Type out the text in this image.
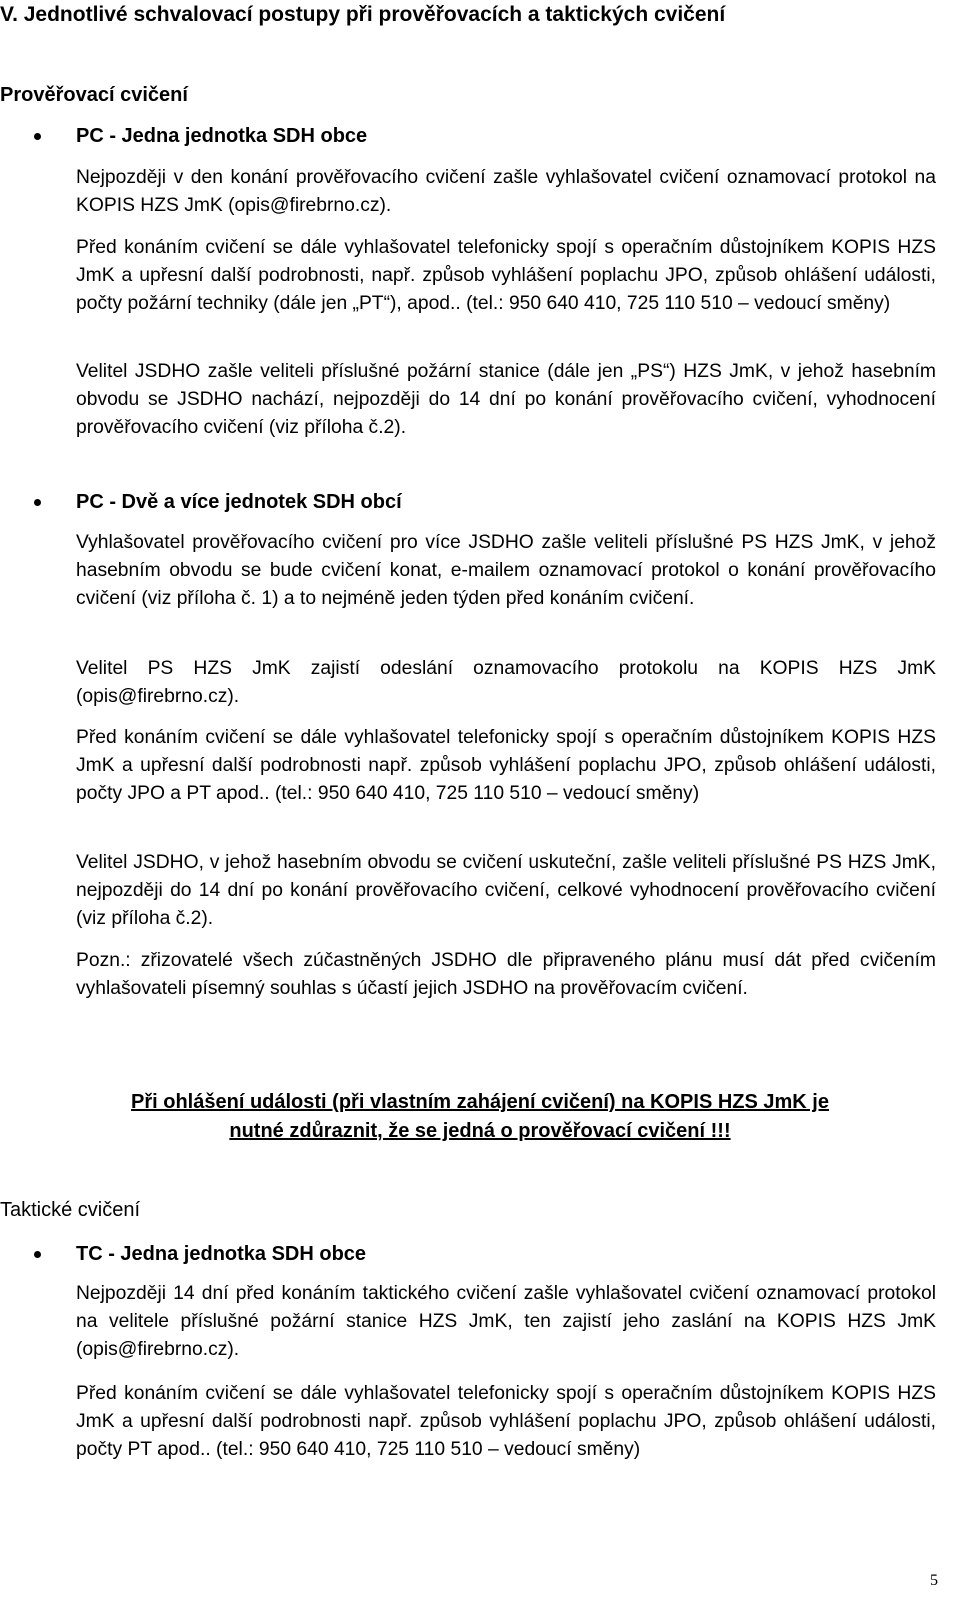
V. Jednotlivé schvalovací postupy při prověřovacích a taktických cvičení
Prověřovací cvičení
PC - Jedna jednotka SDH obce

Nejpozději v den konání prověřovacího cvičení zašle vyhlašovatel cvičení oznamovací protokol na KOPIS HZS JmK (opis@firebrno.cz).

Před konáním cvičení se dále vyhlašovatel telefonicky spojí s operačním důstojníkem KOPIS HZS JmK a upřesní další podrobnosti, např. způsob vyhlášení poplachu JPO, způsob ohlášení události, počty požární techniky (dále jen „PT“), apod.. (tel.: 950 640 410, 725 110 510 – vedoucí směny)

Velitel JSDHO zašle veliteli příslušné požární stanice (dále jen „PS“) HZS JmK, v jehož hasebním obvodu se JSDHO nachází, nejpozději do 14 dní po konání prověřovacího cvičení, vyhodnocení prověřovacího cvičení (viz příloha č.2).

PC - Dvě a více jednotek SDH obcí

Vyhlašovatel prověřovacího cvičení pro více JSDHO zašle veliteli příslušné PS HZS JmK, v jehož hasebním obvodu se bude cvičení konat, e-mailem oznamovací protokol o konání prověřovacího cvičení (viz příloha č. 1) a to nejméně jeden týden před konáním cvičení.

Velitel PS HZS JmK zajistí odeslání oznamovacího protokolu na KOPIS HZS JmK (opis@firebrno.cz).

Před konáním cvičení se dále vyhlašovatel telefonicky spojí s operačním důstojníkem KOPIS HZS JmK a upřesní další podrobnosti např. způsob vyhlášení poplachu JPO, způsob ohlášení události, počty JPO a PT apod.. (tel.: 950 640 410, 725 110 510 – vedoucí směny)

Velitel JSDHO, v jehož hasebním obvodu se cvičení uskuteční, zašle veliteli příslušné PS HZS JmK, nejpozději do 14 dní po konání prověřovacího cvičení, celkové vyhodnocení prověřovacího cvičení (viz příloha č.2).

Pozn.: zřizovatelé všech zúčastněných JSDHO dle připraveného plánu musí dát před cvičením vyhlašovateli písemný souhlas s účastí jejich JSDHO na prověřovacím cvičení.

Při ohlášení události (při vlastním zahájení cvičení) na KOPIS HZS JmK je
nutné zdůraznit, že se jedná o prověřovací cvičení !!!
Taktické cvičení
TC - Jedna jednotka SDH obce

Nejpozději 14 dní před konáním taktického cvičení zašle vyhlašovatel cvičení oznamovací protokol na velitele příslušné požární stanice HZS JmK, ten zajistí jeho zaslání na KOPIS HZS JmK (opis@firebrno.cz).

Před konáním cvičení se dále vyhlašovatel telefonicky spojí s operačním důstojníkem KOPIS HZS JmK a upřesní další podrobnosti např. způsob vyhlášení poplachu JPO, způsob ohlášení události, počty PT apod.. (tel.: 950 640 410, 725 110 510 – vedoucí směny)

5
